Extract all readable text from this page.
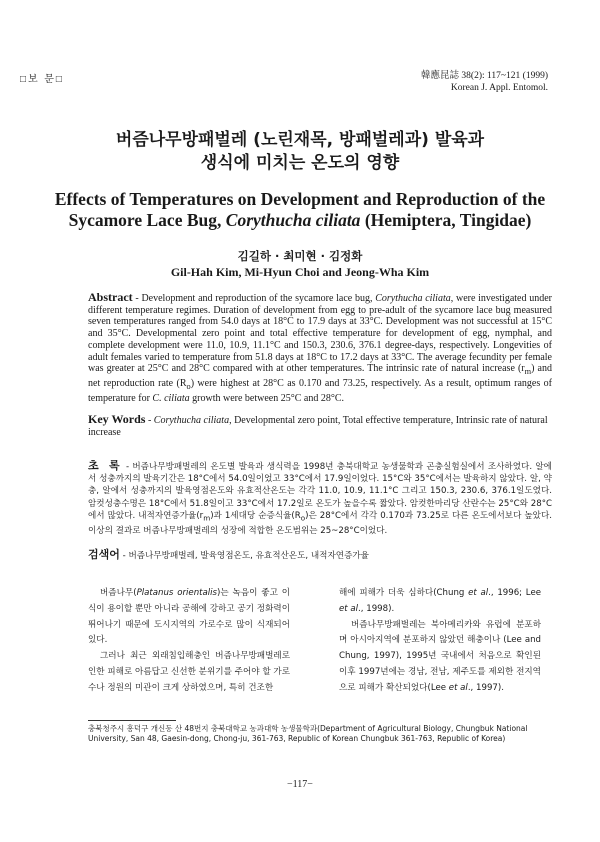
□보 문□	韓應昆誌 38(2): 117~121 (1999)
Korean J. Appl. Entomol.
버즘나무방패벌레 (노린재목, 방패벌레과) 발육과
생식에 미치는 온도의 영향
Effects of Temperatures on Development and Reproduction of the
Sycamore Lace Bug, Corythucha ciliata (Hemiptera, Tingidae)
김길하 · 최미현 · 김정화
Gil-Hah Kim, Mi-Hyun Choi and Jeong-Wha Kim
Abstract - Development and reproduction of the sycamore lace bug, Corythucha ciliata, were investigated under different temperature regimes. Duration of development from egg to pre-adult of the sycamore lace bug measured seven temperatures ranged from 54.0 days at 18°C to 17.9 days at 33°C. Development was not successful at 15°C and 35°C. Developmental zero point and total effective temperature for development of egg, nymphal, and complete development were 11.0, 10.9, 11.1°C and 150.3, 230.6, 376.1 degree-days, respectively. Longevities of adult females varied to temperature from 51.8 days at 18°C to 17.2 days at 33°C. The average fecundity per female was greater at 25°C and 28°C compared with at other temperatures. The intrinsic rate of natural increase $(r_m)$ and net reproduction rate $(R_o)$ were highest at 28°C as 0.170 and 73.25, respectively. As a result, optimum ranges of temperature for C. ciliata growth were between 25°C and 28°C.
Key Words - Corythucha ciliata, Developmental zero point, Total effective temperature, Intrinsic rate of natural increase
초 록 - 버즘나무방패벌레의 온도별 발육과 생식력을 1998년 충북대학교 농생물학과 곤충실험실에서 조사하였다. 알에서 성충까지의 발육기간은 18°C에서 54.0일이었고 33°C에서 17.9일이었다. 15°C와 35°C에서는 발육하지 않았다. 알, 약충, 알에서 성충까지의 발육영점온도와 유효적산온도는 각각 11.0, 10.9, 11.1°C 그리고 150.3, 230.6, 376.1일도였다. 암컷성충수명은 18°C에서 51.8일이고 33°C에서 17.2일로 온도가 높을수록 짧았다. 암컷한마리당 산란수는 25°C와 28°C에서 많았다. 내적자연증가율$(r_m)$과 1세대당 순증식율$(R_o)$은 28°C에서 각각 0.170과 73.25로 다른 온도에서보다 높았다. 이상의 결과로 버즘나무방패벌레의 성장에 적합한 온도범위는 25~28°C이었다.
검색어 - 버즘나무방패벌레, 발육영점온도, 유효적산온도, 내적자연증가율

버즘나무(Platanus orientalis)는 녹음이 좋고 이식이 용이할 뿐만 아니라 공해에 강하고 공기 정화력이 뛰어나기 때문에 도시지역의 가로수로 많이 식재되어 있다.

그러나 최근 외래침입해충인 버즘나무방패벌레로 인한 피해로 아름답고 신선한 분위기를 주어야 할 가로수나 정원의 미관이 크게 상하였으며, 특히 건조한

해에 피해가 더욱 심하다(Chung et al., 1996; Lee et al., 1998).

버즘나무방패벌레는 북아메리카와 유럽에 분포하며 아시아지역에 분포하지 않았던 해충이나 (Lee and Chung, 1997), 1995년 국내에서 처음으로 확인된 이후 1997년에는 경남, 전남, 제주도를 제외한 전지역으로 피해가 확산되었다(Lee et al., 1997).

충북청주시 흥덕구 개신동 산 48번지 충북대학교 농과대학 농생물학과(Department of Agricultural Biology, Chungbuk National University, San 48, Gaesin-dong, Chong-ju, 361-763, Republic of Korean Chungbuk 361-763, Republic of Korea)
−117−
